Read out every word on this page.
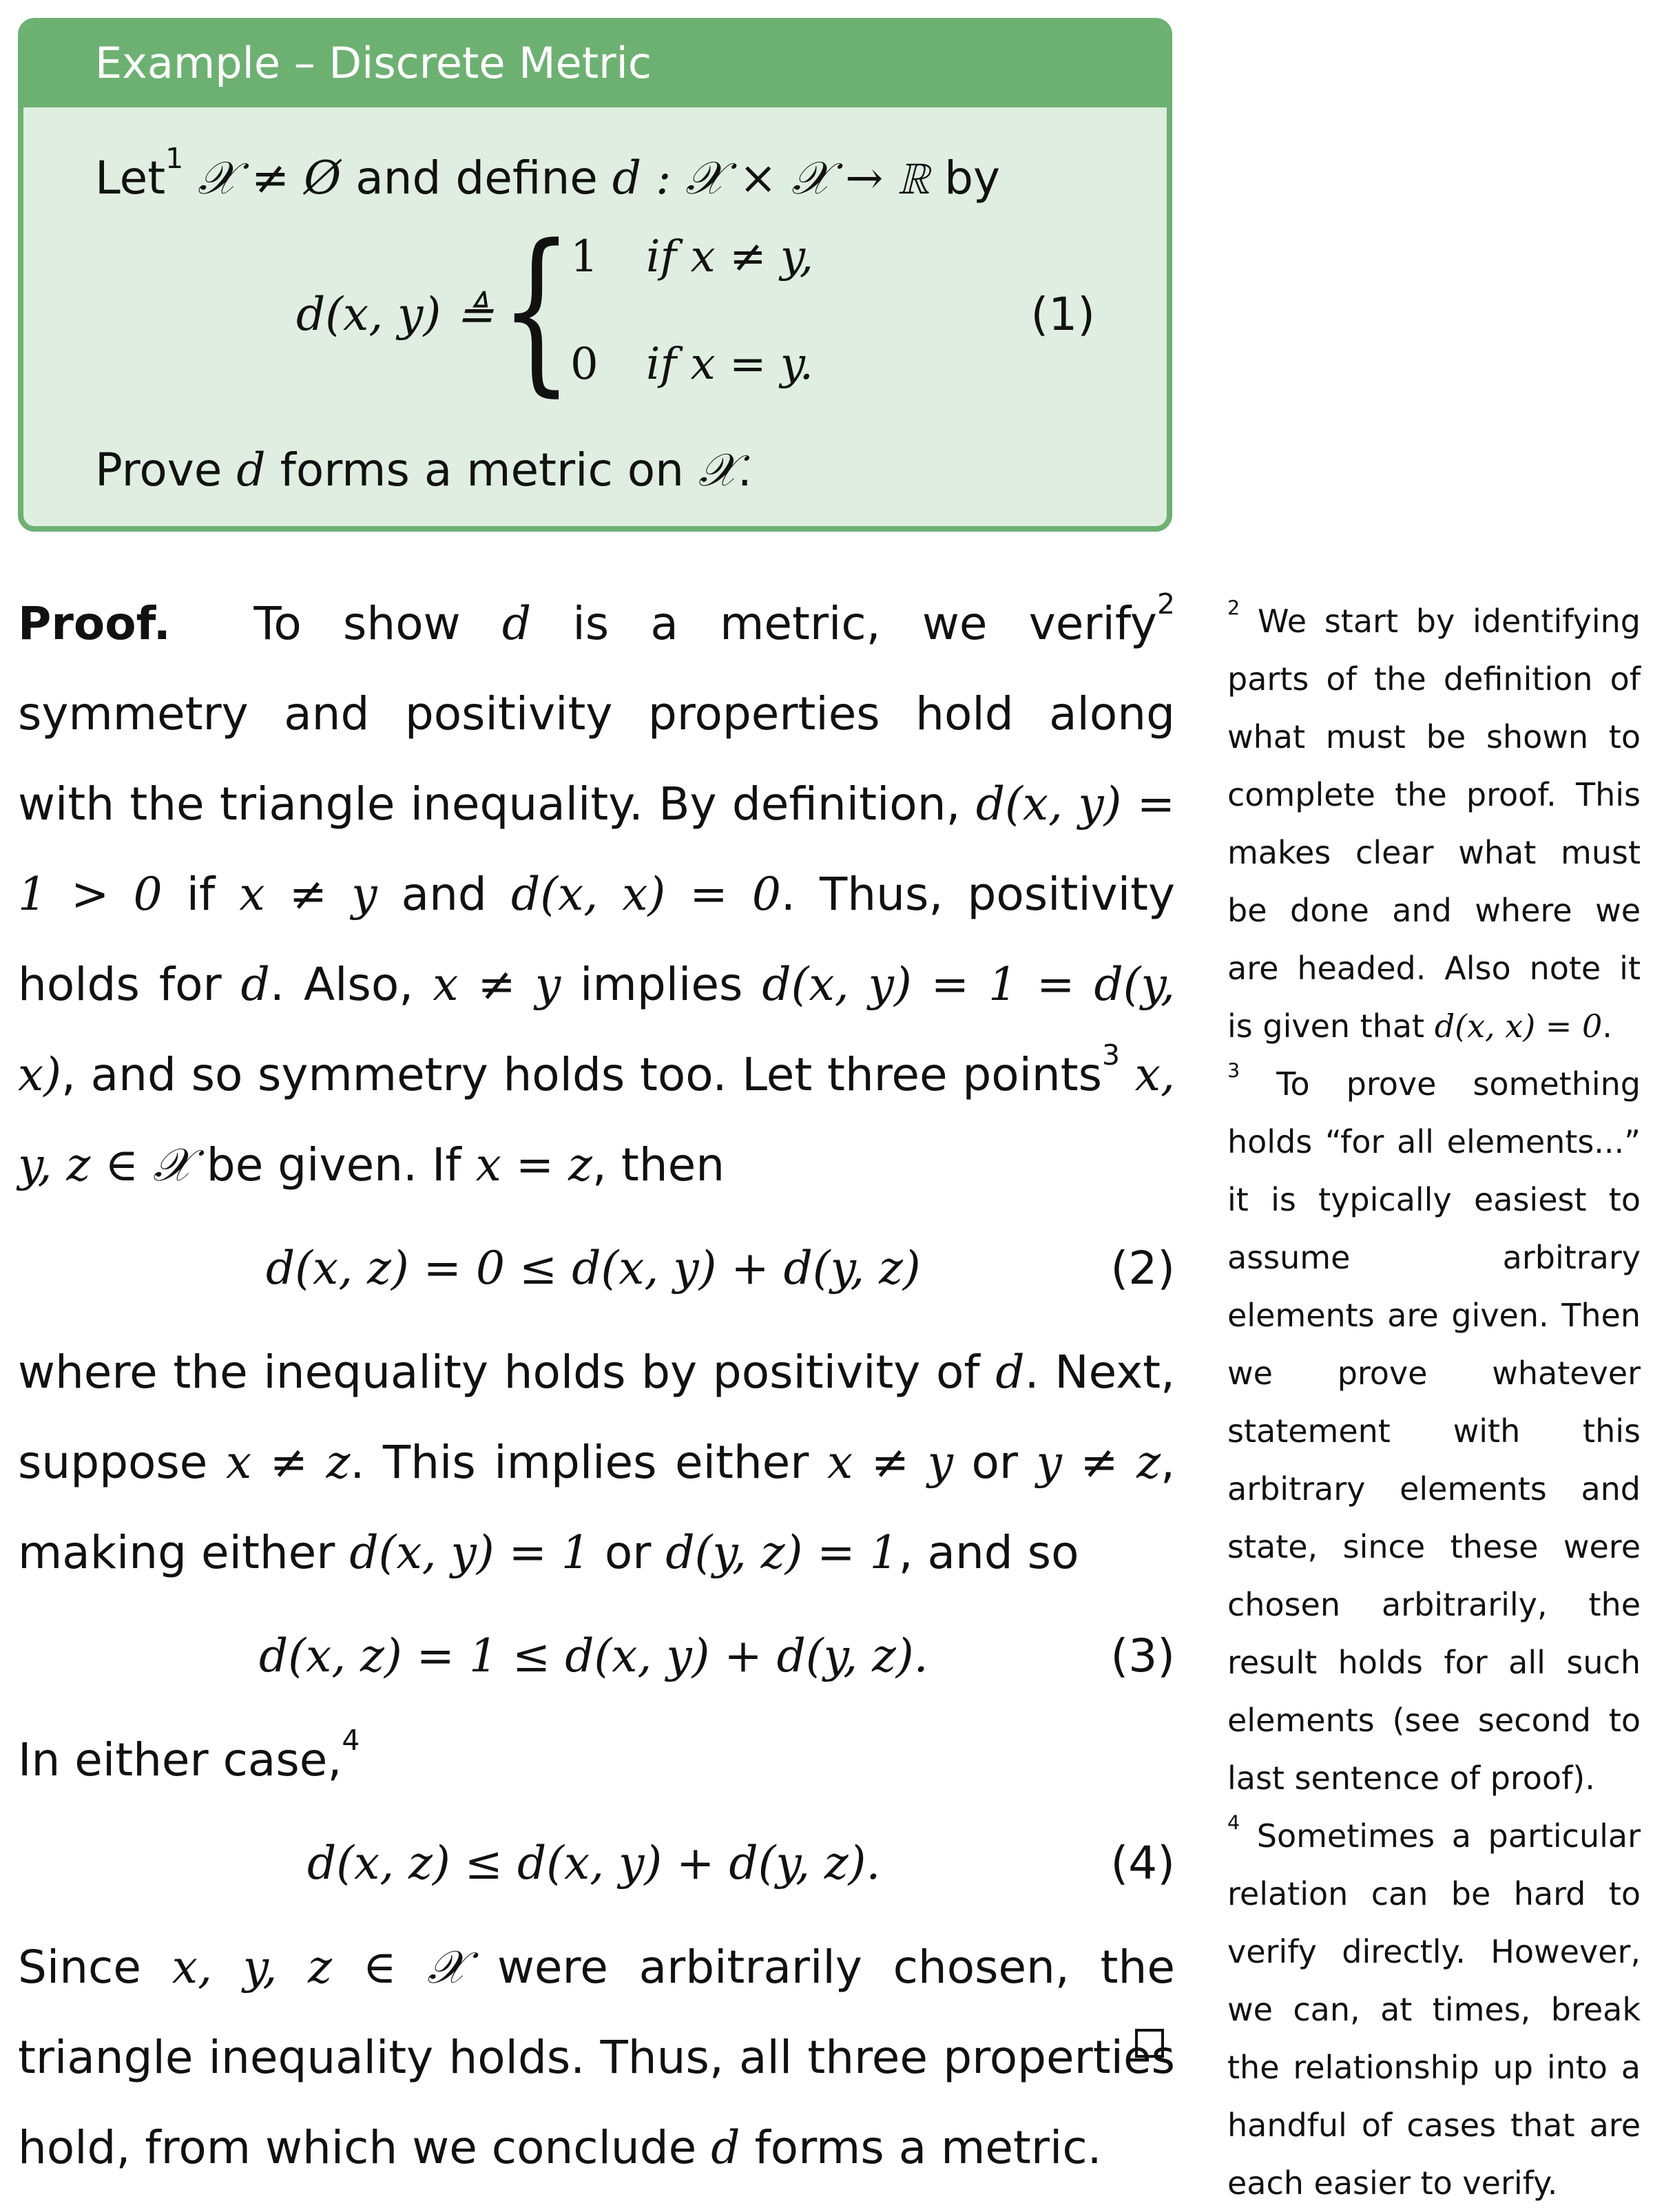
Example – Discrete Metric
Let$^1$ 𝒳 ≠ Ø and define d : 𝒳 × 𝒳 → ℝ by
d(x, y) ≜ {
1 if x ≠ y,
0 if x = y.
(1)
Prove d forms a metric on 𝒳.
Proof. To show d is a metric, we verify$^2$ symmetry and positivity properties hold along with the triangle inequality. By definition, d(x, y) = 1 > 0 if x ≠ y and d(x, x) = 0. Thus, positivity holds for d. Also, x ≠ y implies d(x, y) = 1 = d(y, x), and so symmetry holds too. Let three points$^3$ x, y, z ∈ 𝒳 be given. If x = z, then
d(x, z) = 0 ≤ d(x, y) + d(y, z)	(2)
where the inequality holds by positivity of d. Next, suppose x ≠ z. This implies either x ≠ y or y ≠ z, making either d(x, y) = 1 or d(y, z) = 1, and so
d(x, z) = 1 ≤ d(x, y) + d(y, z).	(3)
In either case,$^4$
d(x, z) ≤ d(x, y) + d(y, z).	(4)
Since x, y, z ∈ 𝒳 were arbitrarily chosen, the triangle inequality holds. Thus, all three properties hold, from which we conclude d forms a metric.
$^2$ We start by identifying parts of the definition of what must be shown to complete the proof. This makes clear what must be done and where we are headed. Also note it is given that d(x, x) = 0.
$^3$ To prove something holds “for all elements...” it is typically easiest to assume arbitrary elements are given. Then we prove whatever statement with this arbitrary elements and state, since these were chosen arbitrarily, the result holds for all such elements (see second to last sentence of proof).
$^4$ Sometimes a particular relation can be hard to verify directly. However, we can, at times, break the relationship up into a handful of cases that are each easier to verify.
